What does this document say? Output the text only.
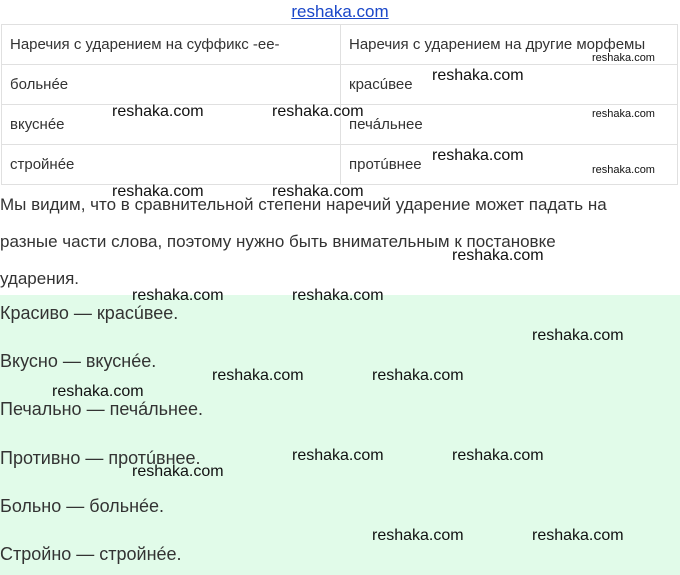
reshaka.com
Наречия с ударением на суффикс -ее-	Наречия с ударением на другие морфемы
больнéе	красúвее
вкуснéе	печáльнее
стройнéе	протúвнее
Мы видим, что в сравнительной степени наречий ударение может падать на
разные части слова, поэтому нужно быть внимательным к постановке
ударения.
Красиво — красúвее.
Вкусно — вкуснéе.
Печально — печáльнее.
Противно — протúвнее.
Больно — больнéе.
Стройно — стройнéе.
reshaka.com
reshaka.com
reshaka.com	reshaka.com	reshaka.com
reshaka.com
reshaka.com
reshaka.com	reshaka.com
reshaka.com
reshaka.com	reshaka.com
reshaka.com
reshaka.com	reshaka.com
reshaka.com
reshaka.com	reshaka.com
reshaka.com
reshaka.com	reshaka.com
